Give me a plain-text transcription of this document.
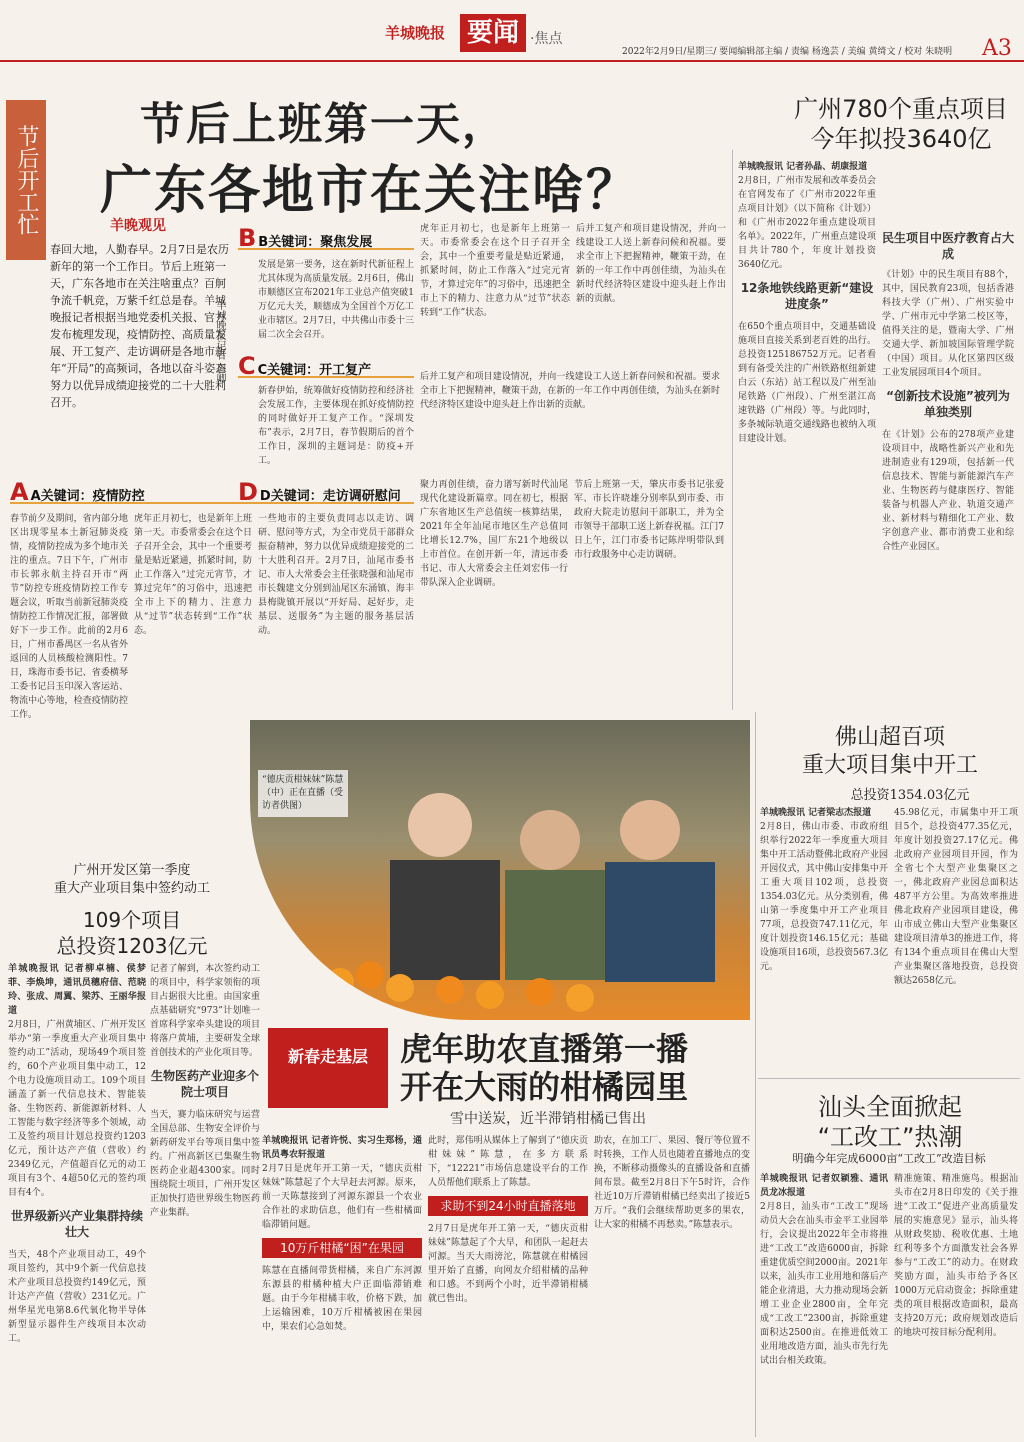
羊城晚报 要闻 ·焦点
2022年2月9日/星期三/ 要闻编辑部主编 / 责编 杨逸芸 / 美编 黄绮文 / 校对 朱晓明 A3
节后开工忙
节后上班第一天，
广东各地市在关注啥？
羊晚观见
春回大地，人勤春早。2月7日是农历新年的第一个工作日。节后上班第一天，广东各地市在关注啥重点？百舸争流千帆竞，万紫千红总是春。羊城晚报记者根据当地党委机关报、官方发布梳理发现，疫情防控、高质量发展、开工复产、走访调研是各地市新年“开局”的高频词，各地以奋斗姿态努力以优异成绩迎接党的二十大胜利召开。
羊城晚报记者 周卿
AA关键词：疫情防控
春节前夕及期间，省内部分地区出现零星本土新冠肺炎疫情，疫情防控成为多个地市关注的重点。7日下午，广州市市长郭永航主持召开市“两节”防控专班疫情防控工作专题会议，听取当前新冠肺炎疫情防控工作情况汇报，部署做好下一步工作。此前的2月6日，广州市番禺区一名从省外返回的人员核酸检测阳性。7日，珠海市委书记、省委横琴工委书记吕玉印深入客运站、物流中心等地，检查疫情防控工作。
虎年正月初七，也是新年上班第一天。市委常委会在这个日子召开全会，其中一个重要考量是贴近紧通，抓紧时间，防止工作落入“过完元宵节，才算过完年”的习俗中，迅速把全市上下的精力、注意力从“过节”状态转到“工作”状态。
BB关键词：聚焦发展
发展是第一要务，这在新时代新征程上尤其体现为高质量发展。2月6日，佛山市顺德区宣布2021年工业总产值突破1万亿元大关，顺德成为全国首个万亿工业市辖区。2月7日，中共佛山市委十三届二次全会召开。
虎年正月初七，也是新年上班第一天。市委常委会在这个日子召开全会，其中一个重要考量是贴近紧通，抓紧时间，防止工作落入“过完元宵节，才算过完年”的习俗中，迅速把全市上下的精力、注意力从“过节”状态转到“工作”状态。
后并工复产和项目建设情况，并向一线建设工人送上新春问候和祝福。要求全市上下把握精神，鞭策干劲，在新的一年工作中再创佳绩，为汕头在新时代经济特区建设中迎头赶上作出新的贡献。
CC关键词：开工复产
新春伊始，统筹做好疫情防控和经济社会发展工作，主要体现在抓好疫情防控的同时做好开工复产工作。“深圳发布”表示，2月7日，春节假期后的首个工作日，深圳的主题词是：防疫+开工。
后并工复产和项目建设情况，并向一线建设工人送上新春问候和祝福。要求全市上下把握精神，鞭策干劲，在新的一年工作中再创佳绩，为汕头在新时代经济特区建设中迎头赶上作出新的贡献。
DD关键词：走访调研慰问
一些地市的主要负责同志以走访、调研、慰问等方式，为全市党员干部群众振奋精神，努力以优异成绩迎接党的二十大胜利召开。2月7日，汕尾市委书记、市人大常委会主任张晓强和汕尾市市长魏建文分别到汕尾区东涌镇、海丰县梅陇镇开展以“开好局、起好步，走基层、送服务”为主题的服务基层活动。
聚力再创佳绩，奋力谱写新时代汕尾现代化建设新篇章。同在初七，根据广东省地区生产总值统一核算结果，2021年全年汕尾市地区生产总值同比增长12.7%，国厂东21个地级以上市首位。在创开新一年，清远市委书记、市人大常委会主任刘宏伟一行带队深入企业调研。
节后上班第一天，肇庆市委书记张爱军、市长许晓雄分别率队到市委、市政府大院走访慰问干部职工，并为全市领导干部职工送上新春祝福。江门7日上午，江门市委书记陈岸明带队到市行政服务中心走访调研。
广州780个重点项目
今年拟投3640亿
羊城晚报讯 记者孙晶、胡康报道
2月8日，广州市发展和改革委员会在官网发布了《广州市2022年重点项目计划》（以下简称《计划》）和《广州市2022年重点建设项目名单》。2022年，广州重点建设项目共计780个，年度计划投资3640亿元。
12条地铁线路更新“建设进度条”
在650个重点项目中，交通基础设施项目直接关系到老百姓的出行。总投资125186752万元。记者看到有备受关注的广州铁路枢纽新建白云（东站）站工程以及广州至汕尾铁路（广州段）、广州至湛江高速铁路（广州段）等。与此同时，多条城际轨道交通线路也被纳入项目建设计划。
民生项目中医疗教育占大成
《计划》中的民生项目有88个，其中，国民教育23项，包括香港科技大学（广州）、广州实验中学、广州市元中学第二校区等，值得关注的是，暨南大学、广州交通大学、新加坡国际管理学院（中国）项目。从化区第四区级工业发展园项目4个项目。
“创新技术设施”被列为单独类别
在《计划》公布的278项产业建设项目中，战略性新兴产业和先进制造业有129项，包括新一代信息技术、智能与新能源汽车产业、生物医药与健康医疗、智能装备与机器人产业、轨道交通产业、新材料与精细化工产业、数字创意产业、都市消费工业和综合性产业园区。
“德庆贡柑妹妹”陈慧（中）正在直播（受访者供图）
佛山超百项
重大项目集中开工
总投资1354.03亿元
羊城晚报讯 记者梁志杰报道
2月8日，佛山市委、市政府组织举行2022年一季度重大项目集中开工活动暨佛北政府产业园开园仪式，其中佛山安排集中开工重大项目102项，总投资1354.03亿元。从分类别看，佛山第一季度集中开工产业项目77项，总投资747.11亿元，年度计划投资146.15亿元；基础设施项目16项，总投资567.3亿元。
45.98亿元，市属集中开工项目5个，总投资477.35亿元，年度计划投资27.17亿元。佛北政府产业园项目开园，作为全省七个大型产业集聚区之一，佛北政府产业园总面积达487平方公里。为高效率推进佛北政府产业园项目建设，佛山市成立佛山大型产业集聚区建设项目清单3的推进工作，将有134个重点项目在佛山大型产业集聚区落地投资，总投资额达2658亿元。
汕头全面掀起
“工改工”热潮
明确今年完成6000亩“工改工”改造目标
羊城晚报讯 记者奴颖雅、通讯员龙冰报道
2月8日，汕头市“工改工”现场动员大会在汕头市金平工业园举行，会议提出2022年全市将推进“工改工”改造6000亩，拆除重建优质空间2000亩。2021年以来，汕头市工业用地和落后产能企业清退，大力推动现场会新增工业企业2800亩，全年完成“工改工”2300亩，拆除重建面积达2500亩。在推进低效工业用地改造方面，汕头市先行先试出台相关政策。
精准施策、精准施鸟。根据汕头市在2月8日印发的《关于推进“工改工”促进产业高质量发展的实施意见》显示，汕头将从财政奖励、税收优惠、土地红利等多个方面激发社会各界参与“工改工”的动力。在财政奖励方面，汕头市给予各区1000万元启动资金；拆除重建类的项目根据改造面积，最高支持20万元；政府规划改造后的地块可按目标分配利用。
广州开发区第一季度
重大产业项目集中签约动工
109个项目
总投资1203亿元
羊城晚报讯 记者柳卓楠、侯梦菲、李焕坤，通讯员穗府信、范晓玲、张成、周翼、梁苏、王丽华报道
2月8日，广州黄埔区、广州开发区举办“第一季度重大产业项目集中签约动工”活动，现场49个项目签约，60个产业项目集中动工，12个电力设施项目动工。109个项目涵盖了新一代信息技术、智能装备、生物医药、新能源新材料、人工智能与数字经济等多个领域，动工及签约项目计划总投资约1203亿元，预计达产产值（营收）约2349亿元，产值超百亿元的动工项目有3个、4超50亿元的签约项目有4个。
世界级新兴产业集群持续壮大
当天，48个产业项目动工，49个项目签约，其中9个新一代信息技术产业项目总投资约149亿元，预计达产产值（营收）231亿元。广州华星光电第8.6代氧化物半导体新型显示器件生产线项目本次动工。
记者了解到，本次签约动工的项目中，科学家领衔的项目占据很大比重。由国家重点基础研究“973”计划唯一首席科学家牵头建设的项目将落户黄埔，主要研发全球首创技术的产业化项目等。
生物医药产业迎多个院士项目
当天，赛力临床研究与运营全国总部、生物安全评价与新药研发平台等项目集中签约。广州高新区已集聚生物医药企业超4300家。同时围绕院士项目，广州开发区正加快打造世界级生物医药产业集群。
新春走基层	虎年助农直播第一播
开在大雨的柑橘园里
雪中送炭，近半滞销柑橘已售出
羊城晚报讯 记者许悦、实习生郑杨，通讯员粤农轩报道
2月7日是虎年开工第一天，“德庆贡柑妹妹”陈慧起了个大早赶去河源。原来，前一天陈慧接到了河源东源县一个农业合作社的求助信息，他们有一些柑橘面临滞销问题。
10万斤柑橘“困”在果园
陈慧在直播间带货柑橘，来自广东河源东源县的柑橘种植大户正面临滞销难题。由于今年柑橘丰收，价格下跌，加上运输困难，10万斤柑橘被困在果园中，果农们心急如焚。
此时，郑伟明从媒体上了解到了“德庆贡柑妹妹”陈慧，在多方联系下，“12221”市场信息建设平台的工作人员帮他们联系上了陈慧。
求助不到24小时直播落地
2月7日是虎年开工第一天，“德庆贡柑妹妹”陈慧起了个大早，和团队一起赶去河源。当天大雨滂沱，陈慧就在柑橘园里开始了直播，向网友介绍柑橘的品种和口感。不到两个小时，近半滞销柑橘就已售出。
助农，在加工厂、果园、餐厅等位置不时转换，工作人员也随着直播地点的变换，不断移动摄像头的直播设备和直播间布景。截至2月8日下午5时许，合作社近10万斤滞销柑橘已经卖出了接近5万斤。“我们会继续帮助更多的果农，让大家的柑橘不再愁卖。”陈慧表示。
